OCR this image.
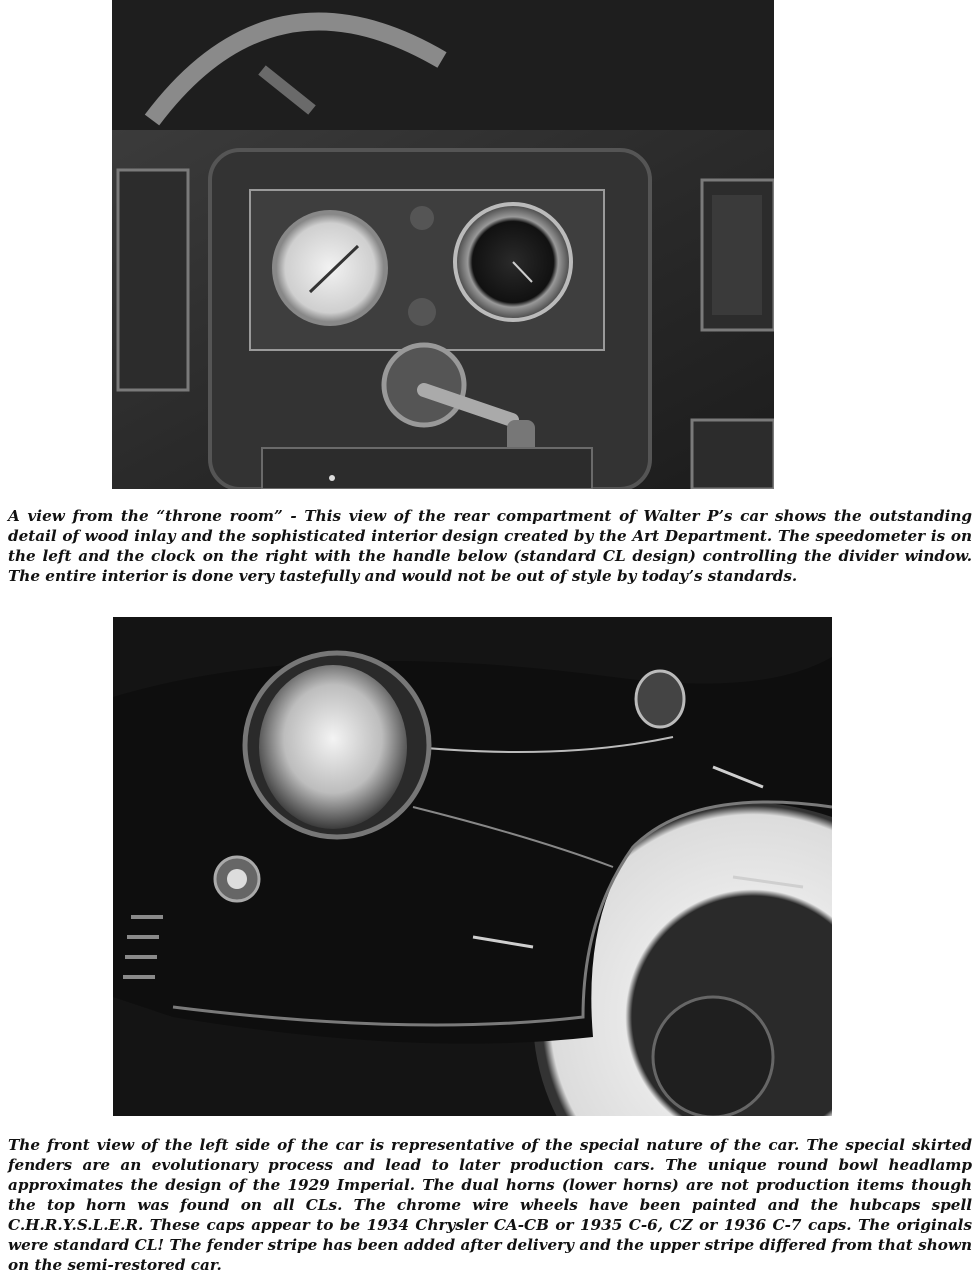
A view from the “throne room” - This view of the rear compartment of Walter P’s car shows the outstanding detail of wood inlay and the sophisticated interior design created by the Art Department. The speedometer is on the left and the clock on the right with the handle below (standard CL design) controlling the divider window. The entire interior is done very tastefully and would not be out of style by today’s standards.

The front view of the left side of the car is representative of the special nature of the car. The special skirted fenders are an evolutionary process and lead to later production cars. The unique round bowl headlamp approximates the design of the 1929 Imperial. The dual horns (lower horns) are not production items though the top horn was found on all CLs. The chrome wire wheels have been painted and the hubcaps spell C.H.R.Y.S.L.E.R. These caps appear to be 1934 Chrysler CA-CB or 1935 C-6, CZ or 1936 C-7 caps. The originals were standard CL! The fender stripe has been added after delivery and the upper stripe differed from that shown on the semi-restored car.
